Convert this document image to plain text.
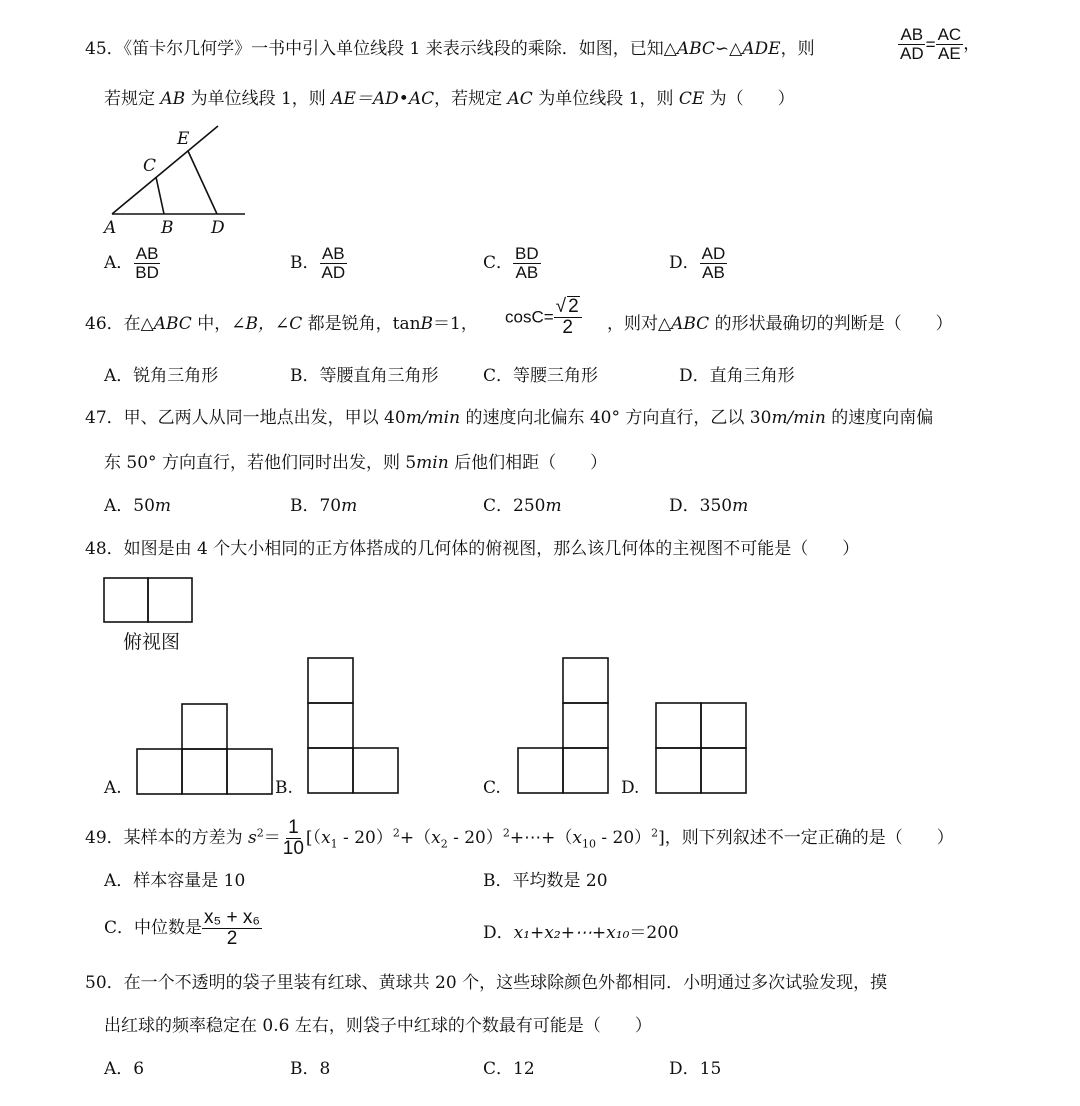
45．《笛卡尔几何学》一书中引入单位线段 1 来表示线段的乘除．如图，已知△ABC∽△ADE，则	$\frac{AB}{AD} = \frac{AC}{AE}$ ，
若规定 AB 为单位线段 1，则 AE＝AD•AC，若规定 AC 为单位线段 1，则 CE 为（　　）
A	B
C
D
E
A． $\frac{AB}{BD}$	B． $\frac{AB}{AD}$	C． $\frac{BD}{AB}$	D． $\frac{AD}{AB}$
46．在△ABC 中，∠B，∠C 都是锐角，tanB＝1， $\cos C= \frac{√ 2}{2}$ ，则对△ABC 的形状最确切的判断是（　　）
A．锐角三角形	B．等腰直角三角形	C．等腰三角形	D．直角三角形
47．甲、乙两人从同一地点出发，甲以 40m/min 的速度向北偏东 40° 方向直行，乙以 30m/min 的速度向南偏
东 50° 方向直行，若他们同时出发，则 5min 后他们相距（　　）
A．50m	B．70m	C．250m	D．350m
48．如图是由 4 个大小相同的正方体搭成的几何体的俯视图，那么该几何体的主视图不可能是（　　）
俯视图
A.	B.	C.	D.
49．某样本的方差为 $s^2= \frac{1}{10} [(x_1 - 20)^2+(x_2$ - $20)^2+\cdots+(x_{10} - 20)^2$]，则下列叙述不一定正确的是（　　）
A．样本容量是 10	B．平均数是 20
C．中位数是 $\frac{\text{x₅ + x₆}}{2}$	D．x₁+x₂+⋯+x₁₀＝200
50．在一个不透明的袋子里装有红球、黄球共 20 个，这些球除颜色外都相同．小明通过多次试验发现，摸
出红球的频率稳定在 0.6 左右，则袋子中红球的个数最有可能是（　　）
A．6	B．8	C．12	D．15
